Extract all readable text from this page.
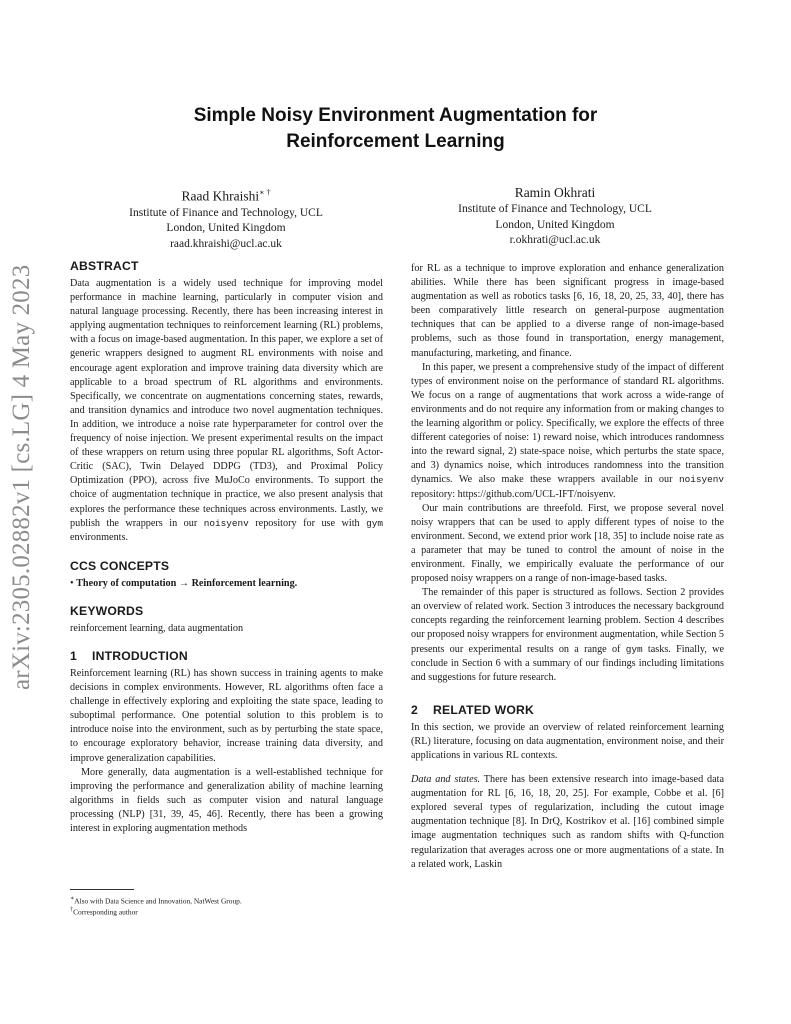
arXiv:2305.02882v1 [cs.LG] 4 May 2023
Simple Noisy Environment Augmentation for
Reinforcement Learning
Raad Khraishi∗ †
Institute of Finance and Technology, UCL
London, United Kingdom
raad.khraishi@ucl.ac.uk
Ramin Okhrati
Institute of Finance and Technology, UCL
London, United Kingdom
r.okhrati@ucl.ac.uk
ABSTRACT

Data augmentation is a widely used technique for improving model performance in machine learning, particularly in computer vision and natural language processing. Recently, there has been increasing interest in applying augmentation techniques to reinforcement learning (RL) problems, with a focus on image-based augmentation. In this paper, we explore a set of generic wrappers designed to augment RL environments with noise and encourage agent exploration and improve training data diversity which are applicable to a broad spectrum of RL algorithms and environments. Specifically, we concentrate on augmentations concerning states, rewards, and transition dynamics and introduce two novel augmentation techniques. In addition, we introduce a noise rate hyperparameter for control over the frequency of noise injection. We present experimental results on the impact of these wrappers on return using three popular RL algorithms, Soft Actor-Critic (SAC), Twin Delayed DDPG (TD3), and Proximal Policy Optimization (PPO), across five MuJoCo environments. To support the choice of augmentation technique in practice, we also present analysis that explores the performance these techniques across environments. Lastly, we publish the wrappers in our noisyenv repository for use with gym environments.

CCS CONCEPTS

• Theory of computation → Reinforcement learning.

KEYWORDS

reinforcement learning, data augmentation

1 INTRODUCTION

Reinforcement learning (RL) has shown success in training agents to make decisions in complex environments. However, RL algorithms often face a challenge in effectively exploring and exploiting the state space, leading to suboptimal performance. One potential solution to this problem is to introduce noise into the environment, such as by perturbing the state space, to encourage exploratory behavior, increase training data diversity, and improve generalization capabilities.

More generally, data augmentation is a well-established technique for improving the performance and generalization ability of machine learning algorithms in fields such as computer vision and natural language processing (NLP) [31, 39, 45, 46]. Recently, there has been a growing interest in exploring augmentation methods

∗Also with Data Science and Innovation, NatWest Group.
†Corresponding author

for RL as a technique to improve exploration and enhance generalization abilities. While there has been significant progress in image-based augmentation as well as robotics tasks [6, 16, 18, 20, 25, 33, 40], there has been comparatively little research on general-purpose augmentation techniques that can be applied to a diverse range of non-image-based problems, such as those found in transportation, energy management, manufacturing, marketing, and finance.

In this paper, we present a comprehensive study of the impact of different types of environment noise on the performance of standard RL algorithms. We focus on a range of augmentations that work across a wide-range of environments and do not require any information from or making changes to the learning algorithm or policy. Specifically, we explore the effects of three different categories of noise: 1) reward noise, which introduces randomness into the reward signal, 2) state-space noise, which perturbs the state space, and 3) dynamics noise, which introduces randomness into the transition dynamics. We also make these wrappers available in our noisyenv repository: https://github.com/UCL-IFT/noisyenv.

Our main contributions are threefold. First, we propose several novel noisy wrappers that can be used to apply different types of noise to the environment. Second, we extend prior work [18, 35] to include noise rate as a parameter that may be tuned to control the amount of noise in the environment. Finally, we empirically evaluate the performance of our proposed noisy wrappers on a range of non-image-based tasks.

The remainder of this paper is structured as follows. Section 2 provides an overview of related work. Section 3 introduces the necessary background concepts regarding the reinforcement learning problem. Section 4 describes our proposed noisy wrappers for environment augmentation, while Section 5 presents our experimental results on a range of gym tasks. Finally, we conclude in Section 6 with a summary of our findings including limitations and suggestions for future research.

2 RELATED WORK

In this section, we provide an overview of related reinforcement learning (RL) literature, focusing on data augmentation, environment noise, and their applications in various RL contexts.

Data and states. There has been extensive research into image-based data augmentation for RL [6, 16, 18, 20, 25]. For example, Cobbe et al. [6] explored several types of regularization, including the cutout image augmentation technique [8]. In DrQ, Kostrikov et al. [16] combined simple image augmentation techniques such as random shifts with Q-function regularization that averages across one or more augmentations of a state. In a related work, Laskin
